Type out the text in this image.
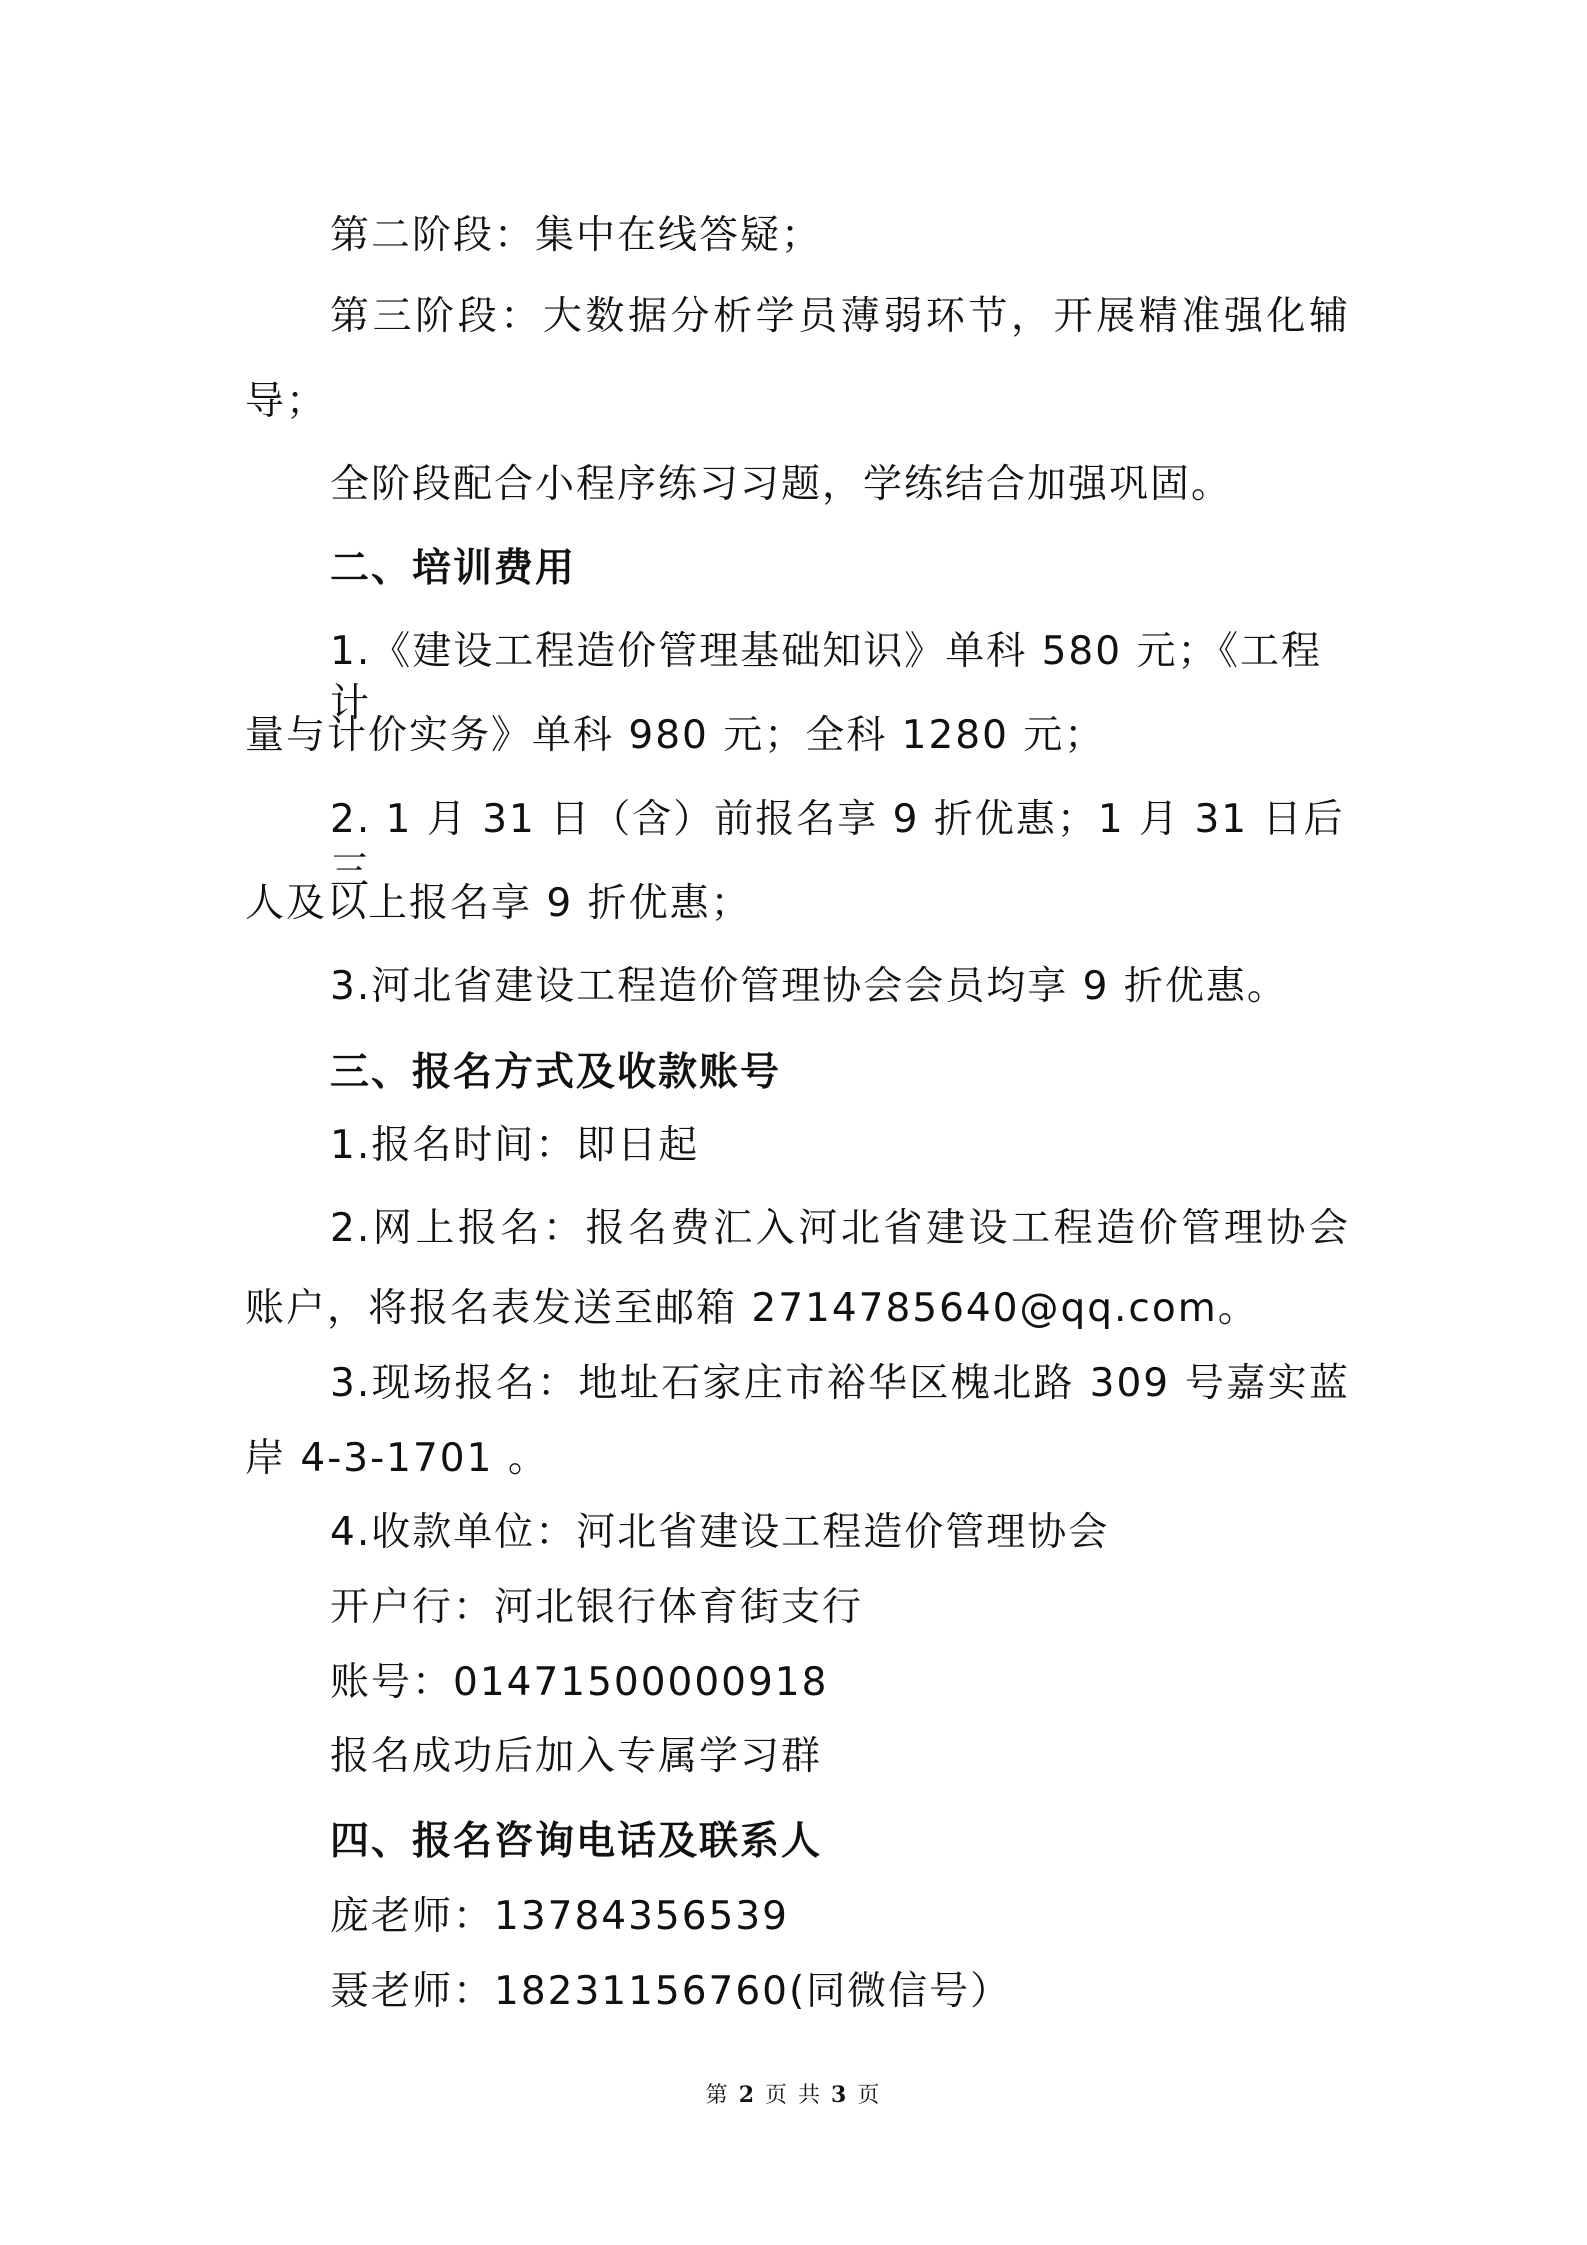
第二阶段：集中在线答疑；
第三阶段：大数据分析学员薄弱环节，开展精准强化辅
导；
全阶段配合小程序练习习题，学练结合加强巩固。
二、培训费用
1.《建设工程造价管理基础知识》单科 580 元；《工程计
量与计价实务》单科 980 元；全科 1280 元；
2. 1 月 31 日（含）前报名享 9 折优惠；1 月 31 日后三
人及以上报名享 9 折优惠；
3.河北省建设工程造价管理协会会员均享 9 折优惠。
三、报名方式及收款账号
1.报名时间：即日起
2.网上报名：报名费汇入河北省建设工程造价管理协会
账户，将报名表发送至邮箱 2714785640@qq.com。
3.现场报名：地址石家庄市裕华区槐北路 309 号嘉实蓝
岸 4-3-1701 。
4.收款单位：河北省建设工程造价管理协会
开户行：河北银行体育街支行
账号：01471500000918
报名成功后加入专属学习群
四、报名咨询电话及联系人
庞老师：13784356539
聂老师：18231156760(同微信号）
第 2 页 共 3 页
